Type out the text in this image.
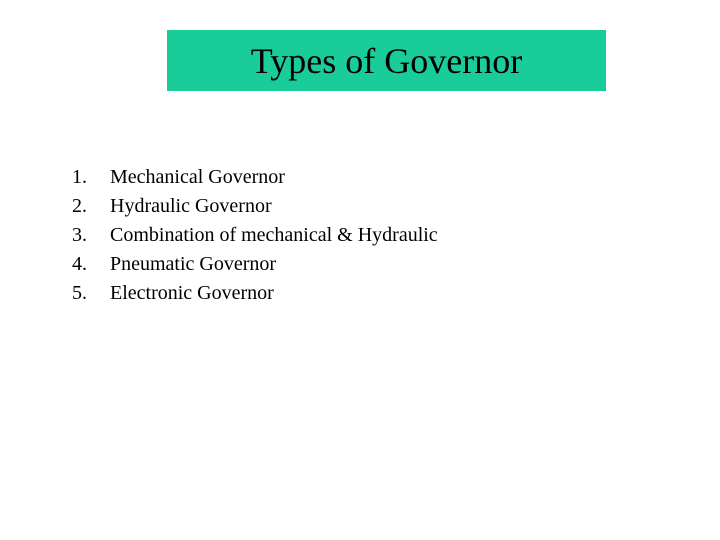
Types of Governor
1.	Mechanical Governor
2.	Hydraulic Governor
3.	Combination of mechanical & Hydraulic
4.	Pneumatic Governor
5.	Electronic Governor
